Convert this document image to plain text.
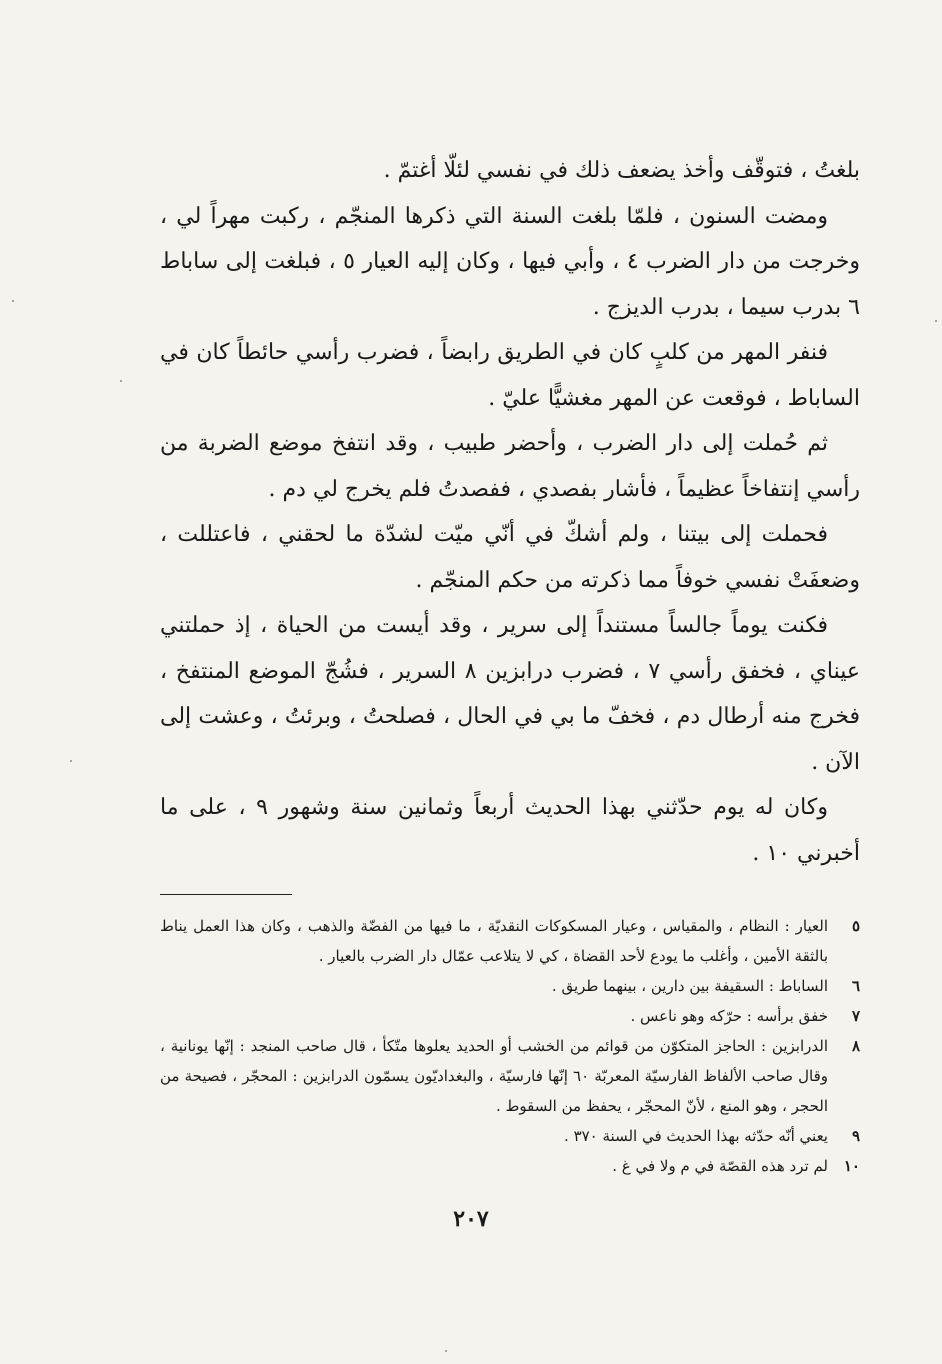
بلغتُ ، فتوقّف وأخذ يضعف ذلك في نفسي لئلّا أغتمّ .

ومضت السنون ، فلمّا بلغت السنة التي ذكرها المنجّم ، ركبت مهراً لي ، وخرجت من دار الضرب ٤ ، وأبي فيها ، وكان إليه العيار ٥ ، فبلغت إلى ساباط ٦ بدرب سيما ، بدرب الديزج .

فنفر المهر من كلبٍ كان في الطريق رابضاً ، فضرب رأسي حائطاً كان في الساباط ، فوقعت عن المهر مغشيًّا عليّ .

ثم حُملت إلى دار الضرب ، وأحضر طبيب ، وقد انتفخ موضع الضربة من رأسي إنتفاخاً عظيماً ، فأشار بفصدي ، ففصدتُ فلم يخرج لي دم .

فحملت إلى بيتنا ، ولم أشكّ في أنّي ميّت لشدّة ما لحقني ، فاعتللت ، وضعفَتْ نفسي خوفاً مما ذكرته من حكم المنجّم .

فكنت يوماً جالساً مستنداً إلى سرير ، وقد أيست من الحياة ، إذ حملتني عيناي ، فخفق رأسي ٧ ، فضرب درابزين ٨ السرير ، فشُجّ الموضع المنتفخ ، فخرج منه أرطال دم ، فخفّ ما بي في الحال ، فصلحتُ ، وبرئتُ ، وعشت إلى الآن .

وكان له يوم حدّثني بهذا الحديث أربعاً وثمانين سنة وشهور ٩ ، على ما أخبرني ١٠ .

٥
العيار : النظام ، والمقياس ، وعيار المسكوكات النقديّة ، ما فيها من الفضّة والذهب ، وكان هذا العمل يناط بالثقة الأمين ، وأغلب ما يودع لأحد القضاة ، كي لا يتلاعب عمّال دار الضرب بالعيار .
٦
الساباط : السقيفة بين دارين ، بينهما طريق .
٧
خفق برأسه : حرّكه وهو ناعس .
٨
الدرابزين : الحاجز المتكوّن من قوائم من الخشب أو الحديد يعلوها متّكأ ، قال صاحب المنجد : إنّها يونانية ، وقال صاحب الألفاظ الفارسيّة المعربّة ٦٠ إنّها فارسيّة ، والبغداديّون يسمّون الدرابزين : المحجّر ، فصيحة من الحجر ، وهو المنع ، لأنّ المحجّر ، يحفظ من السقوط .
٩
يعني أنّه حدّثه بهذا الحديث في السنة ٣٧٠ .
١٠
لم ترد هذه القصّة في م ولا في غ .
٢٠٧
